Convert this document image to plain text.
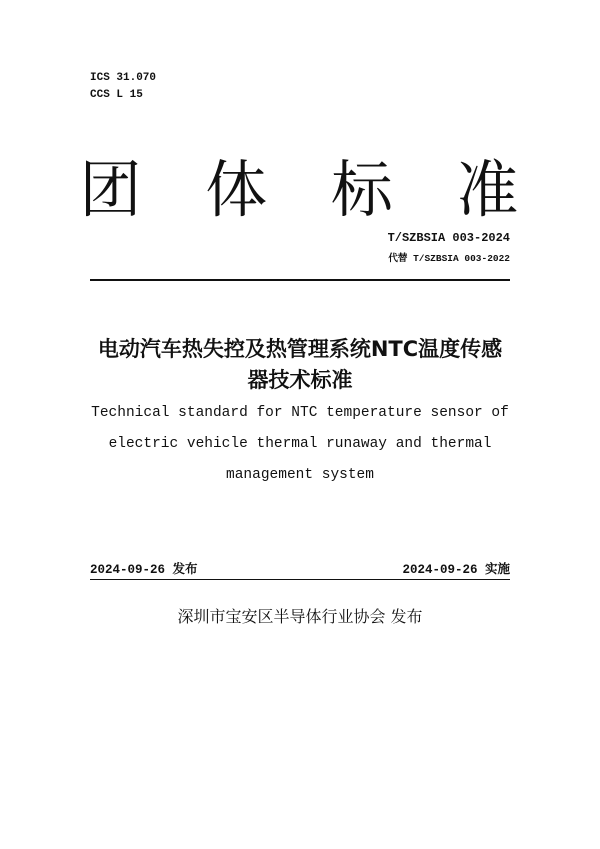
ICS 31.070
CCS L 15
团 体 标 准
T/SZBSIA 003-2024
代替 T/SZBSIA 003-2022
电动汽车热失控及热管理系统NTC温度传感
器技术标准
Technical standard for NTC temperature sensor of
electric vehicle thermal runaway and thermal
management system
2024-09-26 发布	2024-09-26 实施
深圳市宝安区半导体行业协会 发布
